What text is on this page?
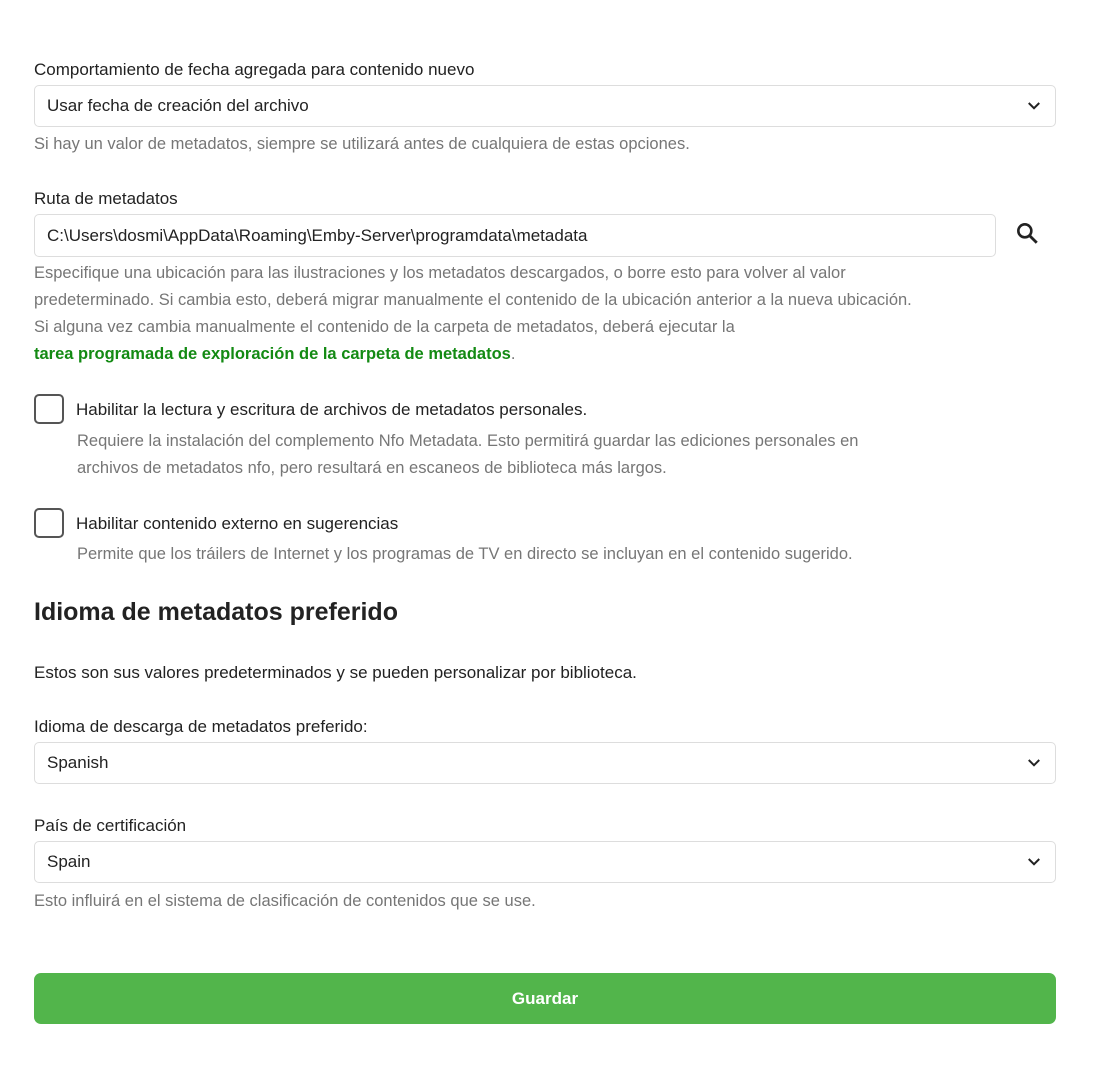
Comportamiento de fecha agregada para contenido nuevo
Usar fecha de creación del archivo
Si hay un valor de metadatos, siempre se utilizará antes de cualquiera de estas opciones.
Ruta de metadatos
C:\Users\dosmi\AppData\Roaming\Emby-Server\programdata\metadata
Especifique una ubicación para las ilustraciones y los metadatos descargados, o borre esto para volver al valor
predeterminado. Si cambia esto, deberá migrar manualmente el contenido de la ubicación anterior a la nueva ubicación.
Si alguna vez cambia manualmente el contenido de la carpeta de metadatos, deberá ejecutar la
tarea programada de exploración de la carpeta de metadatos.
Habilitar la lectura y escritura de archivos de metadatos personales.
Requiere la instalación del complemento Nfo Metadata. Esto permitirá guardar las ediciones personales en
archivos de metadatos nfo, pero resultará en escaneos de biblioteca más largos.
Habilitar contenido externo en sugerencias
Permite que los tráilers de Internet y los programas de TV en directo se incluyan en el contenido sugerido.
Idioma de metadatos preferido
Estos son sus valores predeterminados y se pueden personalizar por biblioteca.
Idioma de descarga de metadatos preferido:
Spanish
País de certificación
Spain
Esto influirá en el sistema de clasificación de contenidos que se use.
Guardar
